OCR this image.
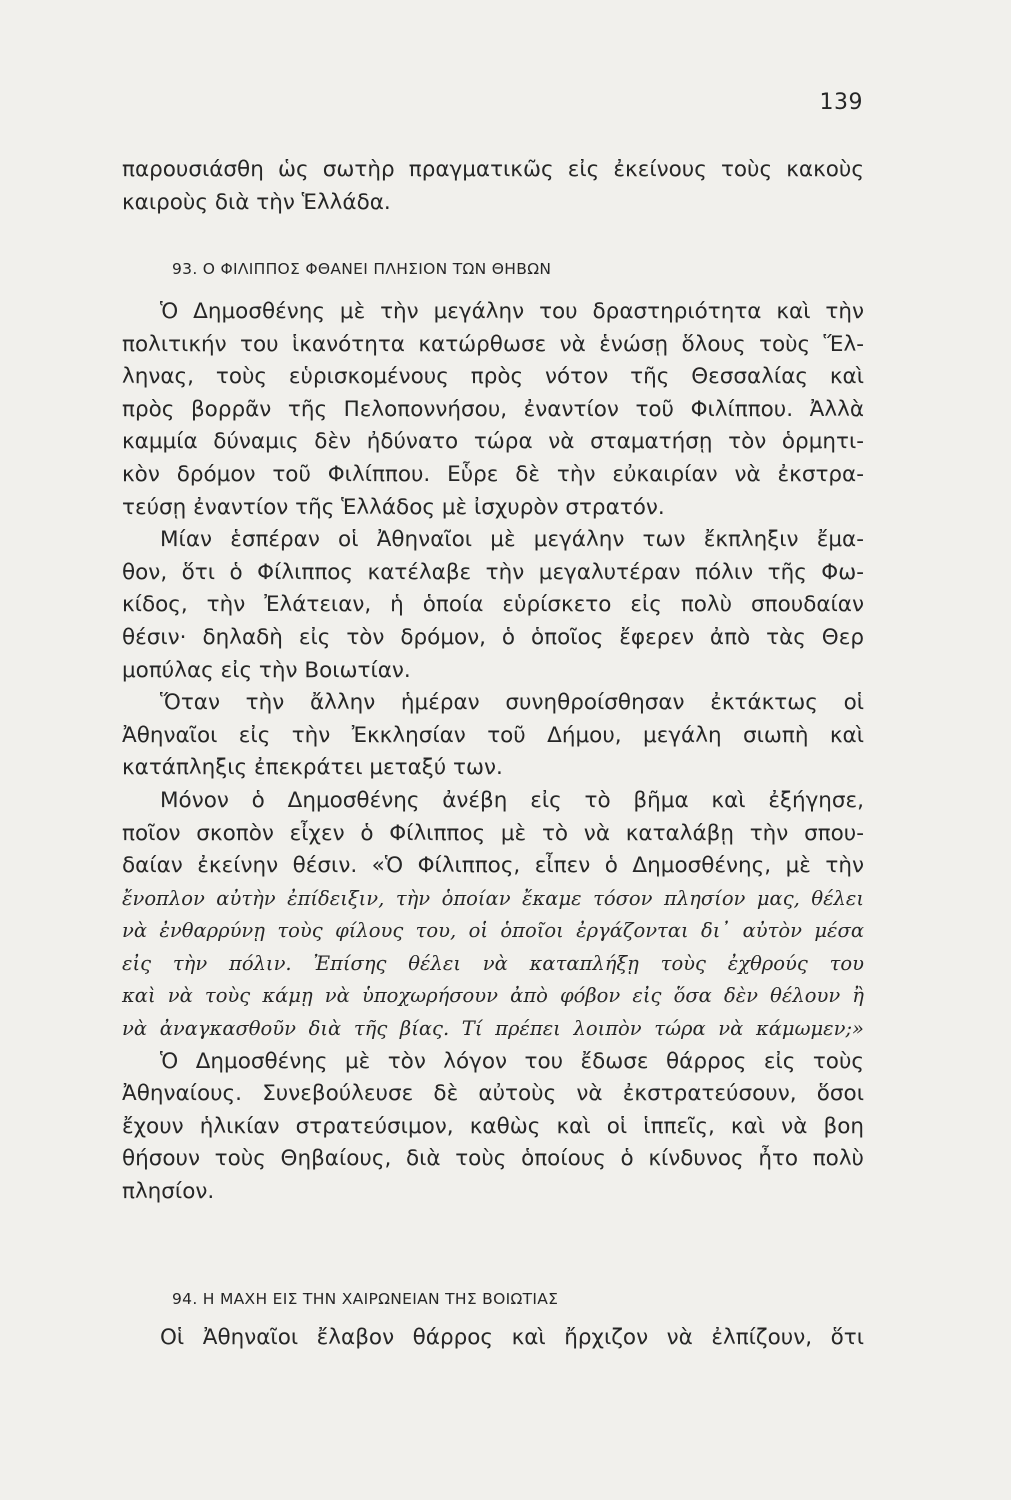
139

παρουσιάσθη ὡς σωτὴρ πραγματικῶς εἰς ἐκείνους τοὺς κακοὺς

καιροὺς διὰ τὴν Ἑλλάδα.

93. Ο ΦΙΛΙΠΠΟΣ ΦΘΑΝΕΙ ΠΛΗΣΙΟΝ ΤΩΝ ΘΗΒΩΝ

Ὁ Δημοσθένης μὲ τὴν μεγάλην του δραστηριότητα καὶ τὴν

πολιτικήν του ἱκανότητα κατώρθωσε νὰ ἑνώσῃ ὅλους τοὺς Ἕλ-

ληνας, τοὺς εὑρισκομένους πρὸς νότον τῆς Θεσσαλίας καὶ

πρὸς βορρᾶν τῆς Πελοποννήσου, ἐναντίον τοῦ Φιλίππου. Ἀλλὰ

καμμία δύναμις δὲν ἠδύνατο τώρα νὰ σταματήσῃ τὸν ὁρμητι-

κὸν δρόμον τοῦ Φιλίππου. Εὗρε δὲ τὴν εὐκαιρίαν νὰ ἐκστρα-

τεύσῃ ἐναντίον τῆς Ἑλλάδος μὲ ἰσχυρὸν στρατόν.

Μίαν ἑσπέραν οἱ Ἀθηναῖοι μὲ μεγάλην των ἔκπληξιν ἔμα-

θον, ὅτι ὁ Φίλιππος κατέλαβε τὴν μεγαλυτέραν πόλιν τῆς Φω-

κίδος, τὴν Ἐλάτειαν, ἡ ὁποία εὑρίσκετο εἰς πολὺ σπουδαίαν

θέσιν· δηλαδὴ εἰς τὸν δρόμον, ὁ ὁποῖος ἔφερεν ἀπὸ τὰς Θερ

μοπύλας εἰς τὴν Βοιωτίαν.

Ὅταν τὴν ἄλλην ἡμέραν συνηθροίσθησαν ἐκτάκτως οἱ

Ἀθηναῖοι εἰς τὴν Ἐκκλησίαν τοῦ Δήμου, μεγάλη σιωπὴ καὶ

κατάπληξις ἐπεκράτει μεταξύ των.

Μόνον ὁ Δημοσθένης ἀνέβη εἰς τὸ βῆμα καὶ ἐξήγησε,

ποῖον σκοπὸν εἶχεν ὁ Φίλιππος μὲ τὸ νὰ καταλάβῃ τὴν σπου-

δαίαν ἐκείνην θέσιν. «Ὁ Φίλιππος, εἶπεν ὁ Δημοσθένης, μὲ τὴν

ἔνοπλον αὐτὴν ἐπίδειξιν, τὴν ὁποίαν ἔκαμε τόσον πλησίον μας, θέλει

νὰ ἐνθαρρύνῃ τοὺς φίλους του, οἱ ὁποῖοι ἐργάζονται δι᾽ αὐτὸν μέσα

εἰς τὴν πόλιν. Ἐπίσης θέλει νὰ καταπλήξῃ τοὺς ἐχθρούς του

καὶ νὰ τοὺς κάμῃ νὰ ὑποχωρήσουν ἀπὸ φόβον εἰς ὅσα δὲν θέλουν ἢ

νὰ ἀναγκασθοῦν διὰ τῆς βίας. Τί πρέπει λοιπὸν τώρα νὰ κάμωμεν;»

Ὁ Δημοσθένης μὲ τὸν λόγον του ἔδωσε θάρρος εἰς τοὺς

Ἀθηναίους. Συνεβούλευσε δὲ αὐτοὺς νὰ ἐκστρατεύσουν, ὅσοι

ἔχουν ἡλικίαν στρατεύσιμον, καθὼς καὶ οἱ ἱππεῖς, καὶ νὰ βοη

θήσουν τοὺς Θηβαίους, διὰ τοὺς ὁποίους ὁ κίνδυνος ἦτο πολὺ

πλησίον.

94. Η ΜΑΧΗ ΕΙΣ ΤΗΝ ΧΑΙΡΩΝΕΙΑΝ ΤΗΣ ΒΟΙΩΤΙΑΣ

Οἱ Ἀθηναῖοι ἔλαβον θάρρος καὶ ἤρχιζον νὰ ἐλπίζουν, ὅτι
